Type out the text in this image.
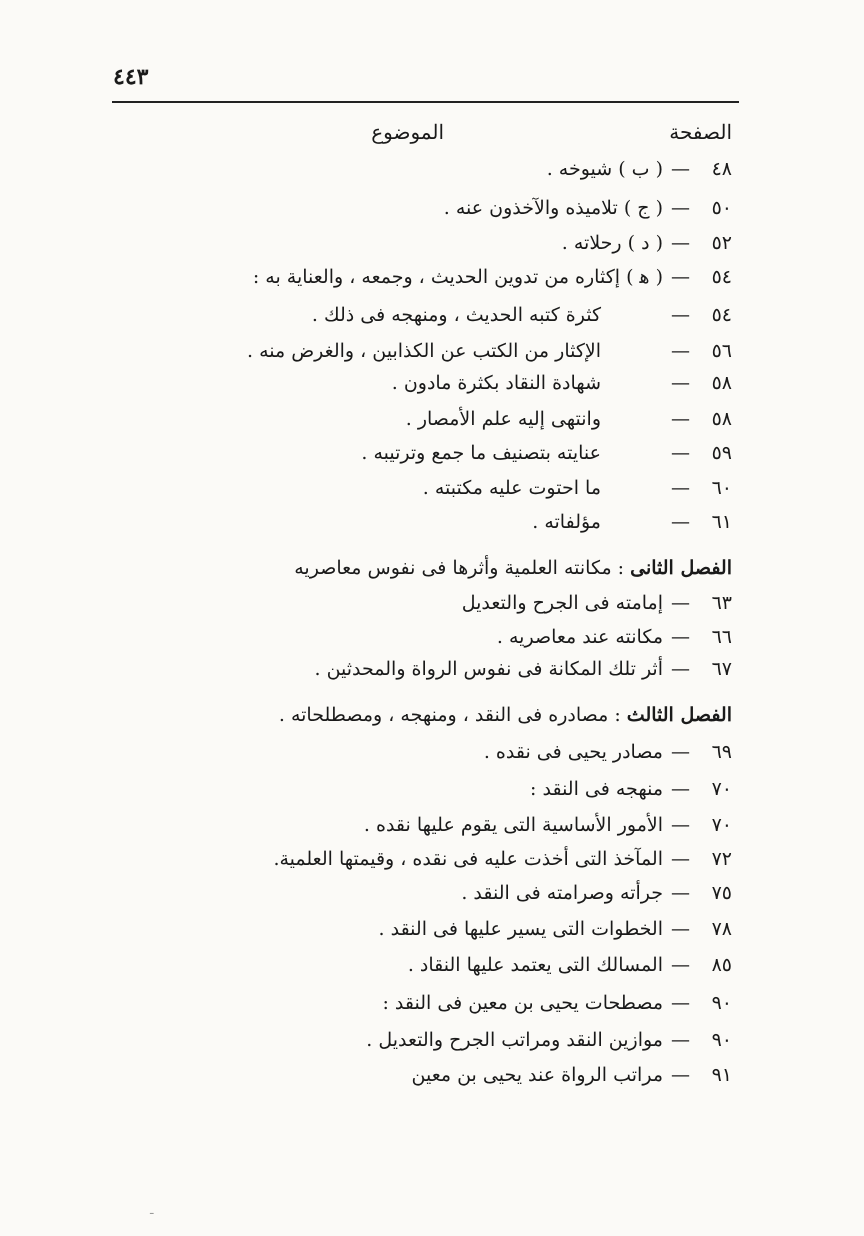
٤٤٣
الصفحة
الموضوع
٤٨—( ب ) شيوخه .
٥٠—( ج ) تلاميذه والآخذون عنه .
٥٢—( د ) رحلاته .
٥٤—( ﻫ ) إكثاره من تدوين الحديث ، وجمعه ، والعناية به :
٥٤—كثرة كتبه الحديث ، ومنهجه فى ذلك .
٥٦—الإكثار من الكتب عن الكذابين ، والغرض منه .
٥٨—شهادة النقاد بكثرة مادون .
٥٨—وانتهى إليه علم الأمصار .
٥٩—عنايته بتصنيف ما جمع وترتيبه .
٦٠—ما احتوت عليه مكتبته .
٦١—مؤلفاته .
الفصل الثانى : مكانته العلمية وأثرها فى نفوس معاصريه
٦٣—إمامته فى الجرح والتعديل
٦٦—مكانته عند معاصريه .
٦٧—أثر تلك المكانة فى نفوس الرواة والمحدثين .
الفصل الثالث : مصادره فى النقد ، ومنهجه ، ومصطلحاته .
٦٩—مصادر يحيى فى نقده .
٧٠—منهجه فى النقد :
٧٠—الأمور الأساسية التى يقوم عليها نقده .
٧٢—المآخذ التى أخذت عليه فى نقده ، وقيمتها العلمية.
٧٥—جرأته وصرامته فى النقد .
٧٨—الخطوات التى يسير عليها فى النقد .
٨٥—المسالك التى يعتمد عليها النقاد .
٩٠—مصطحات يحيى بن معين فى النقد :
٩٠—موازين النقد ومراتب الجرح والتعديل .
٩١—مراتب الرواة عند يحيى بن معين
ـ
